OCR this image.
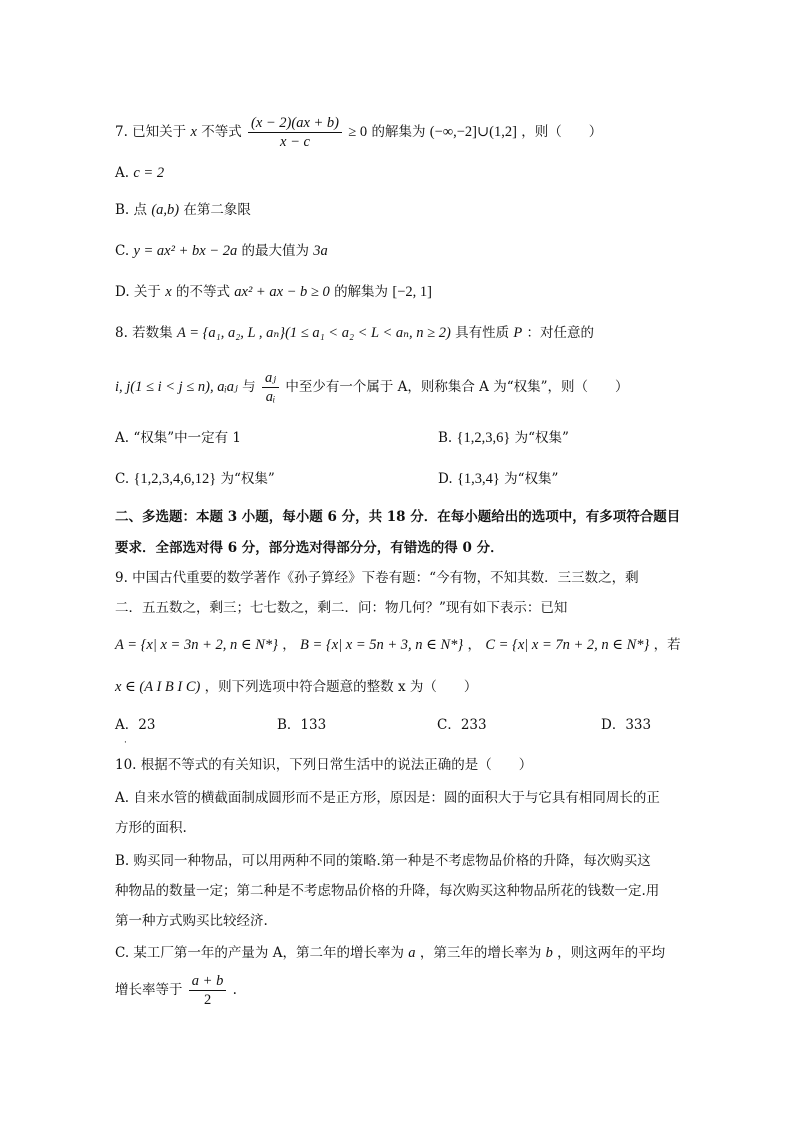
7. 已知关于 x 不等式 $\frac{(x - 2)(ax + b)}{x - c} \ge 0$ 的解集为 (−∞,−2]∪(1,2] ，则（　　）
A. c = 2
B. 点 (a,b) 在第二象限
C. y = ax² + bx − 2a 的最大值为 3a
D. 关于 x 的不等式 ax² + ax − b ≥ 0 的解集为 [−2, 1]
8. 若数集 A = {a₁, a₂, L , aₙ}(1 ≤ a₁ < a₂ < L < aₙ, n ≥ 2) 具有性质 P ：对任意的
i, j(1 ≤ i < j ≤ n), aᵢaⱼ 与 $\frac{\text{aⱼ}}{\text{aᵢ}}$ 中至少有一个属于 A，则称集合 A 为“权集”，则（　　）
A. “权集”中一定有 1	B. {1,2,3,6} 为“权集”
C. {1,2,3,4,6,12} 为“权集”	D. {1,3,4} 为“权集”
二、多选题：本题 3 小题，每小题 6 分，共 18 分．在每小题给出的选项中，有多项符合题目
要求．全部选对得 6 分，部分选对得部分分，有错选的得 0 分．
9. 中国古代重要的数学著作《孙子算经》下卷有题：“今有物，不知其数．三三数之，剩
二．五五数之，剩三；七七数之，剩二．问：物几何？”现有如下表示：已知
A = {x| x = 3n + 2, n ∈ N*} ， B = {x| x = 5n + 3, n ∈ N*} ， C = {x| x = 7n + 2, n ∈ N*} ，若
x ∈ (A I B I C) ，则下列选项中符合题意的整数 x 为（　　）
A．23	B．133	C．233	D．333
·
10. 根据不等式的有关知识，下列日常生活中的说法正确的是（　　）
A. 自来水管的横截面制成圆形而不是正方形，原因是：圆的面积大于与它具有相同周长的正
方形的面积.
B. 购买同一种物品，可以用两种不同的策略.第一种是不考虑物品价格的升降，每次购买这
种物品的数量一定；第二种是不考虑物品价格的升降，每次购买这种物品所花的钱数一定.用
第一种方式购买比较经济.
C. 某工厂第一年的产量为 A，第二年的增长率为 a ，第三年的增长率为 b ，则这两年的平均
增长率等于 $\frac{a + b}{2}$ .
